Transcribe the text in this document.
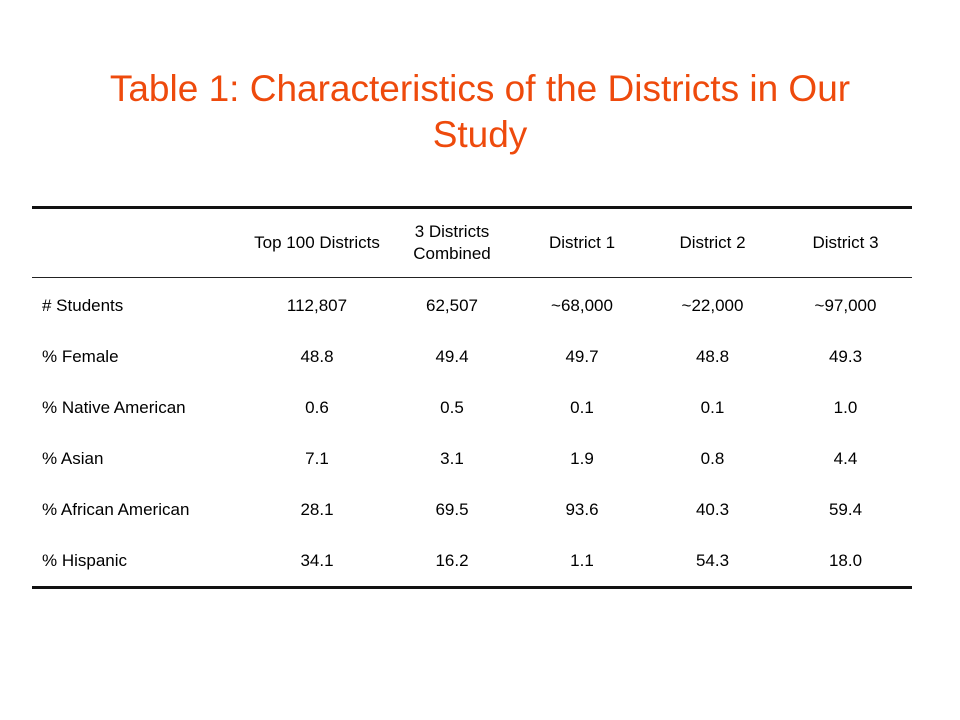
Table 1: Characteristics of the Districts in Our Study
	Top 100 Districts	3 Districts Combined	District 1	District 2	District 3
# Students	112,807	62,507	~68,000	~22,000	~97,000
% Female	48.8	49.4	49.7	48.8	49.3
% Native American	0.6	0.5	0.1	0.1	1.0
% Asian	7.1	3.1	1.9	0.8	4.4
% African American	28.1	69.5	93.6	40.3	59.4
% Hispanic	34.1	16.2	1.1	54.3	18.0
